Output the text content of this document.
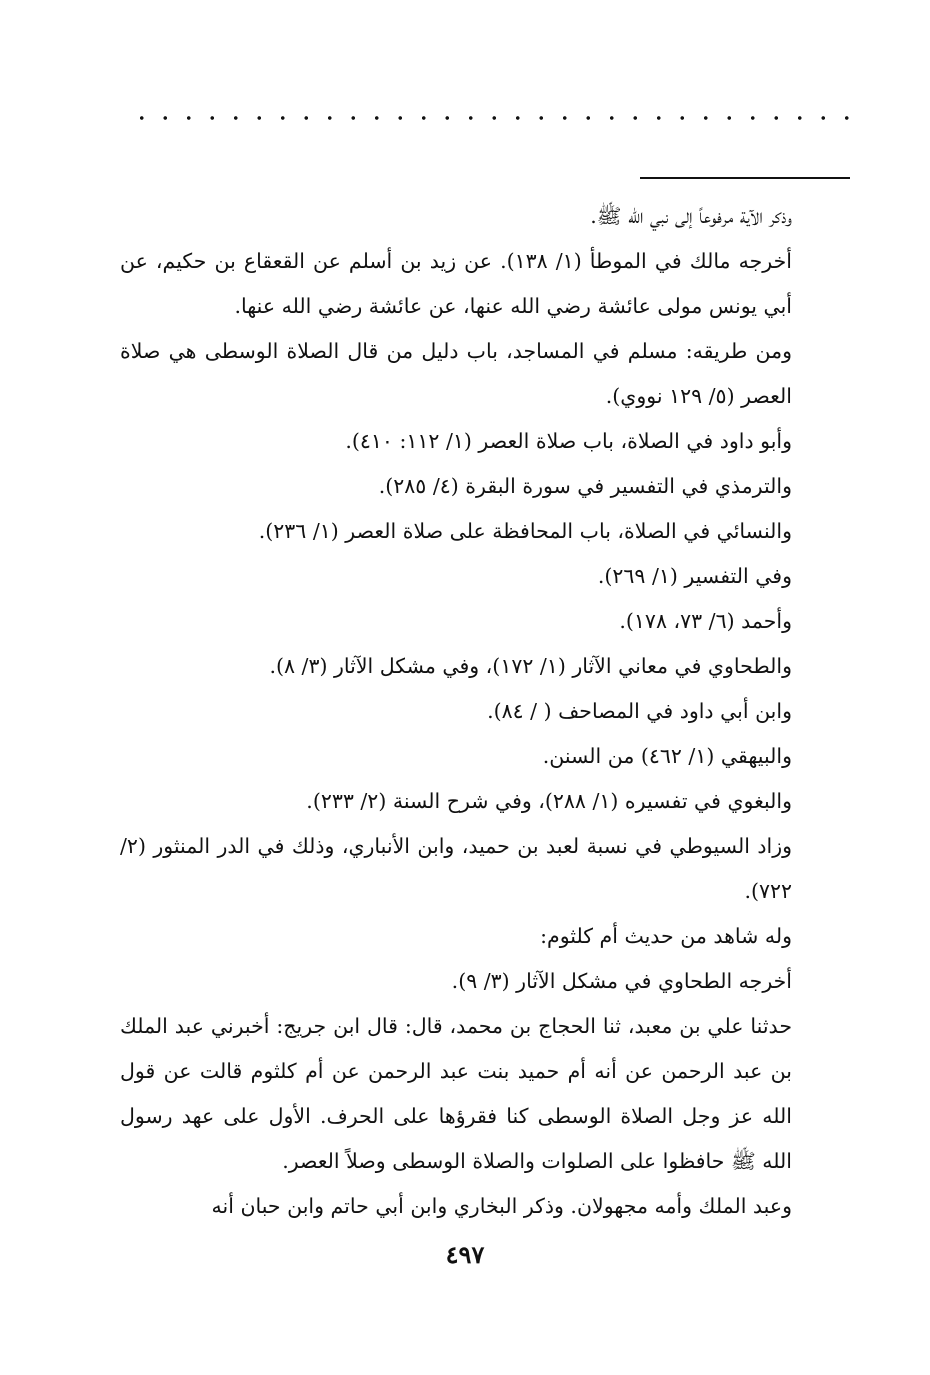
وذكر الآية مرفوعاً إلى نبي الله ﷺ.

أخرجه مالك في الموطأ (١/ ١٣٨). عن زيد بن أسلم عن القعقاع بن حكيم، عن أبي يونس مولى عائشة رضي الله عنها، عن عائشة رضي الله عنها.

ومن طريقه: مسلم في المساجد، باب دليل من قال الصلاة الوسطى هي صلاة العصر (٥/ ١٢٩ نووي).

وأبو داود في الصلاة، باب صلاة العصر (١/ ١١٢: ٤١٠).

والترمذي في التفسير في سورة البقرة (٤/ ٢٨٥).

والنسائي في الصلاة، باب المحافظة على صلاة العصر (١/ ٢٣٦).

وفي التفسير (١/ ٢٦٩).

وأحمد (٦/ ٧٣، ١٧٨).

والطحاوي في معاني الآثار (١/ ١٧٢)، وفي مشكل الآثار (٣/ ٨).

وابن أبي داود في المصاحف ( / ٨٤).

والبيهقي (١/ ٤٦٢) من السنن.

والبغوي في تفسيره (١/ ٢٨٨)، وفي شرح السنة (٢/ ٢٣٣).

وزاد السيوطي في نسبة لعبد بن حميد، وابن الأنباري، وذلك في الدر المنثور (٢/ ٧٢٢).

وله شاهد من حديث أم كلثوم:

أخرجه الطحاوي في مشكل الآثار (٣/ ٩).

حدثنا علي بن معبد، ثنا الحجاج بن محمد، قال: قال ابن جريج: أخبرني عبد الملك بن عبد الرحمن عن أنه أم حميد بنت عبد الرحمن عن أم كلثوم قالت عن قول الله عز وجل الصلاة الوسطى كنا فقرؤها على الحرف. الأول على عهد رسول الله ﷺ حافظوا على الصلوات والصلاة الوسطى وصلاً العصر.

وعبد الملك وأمه مجهولان. وذكر البخاري وابن أبي حاتم وابن حبان أنه

٤٩٧
